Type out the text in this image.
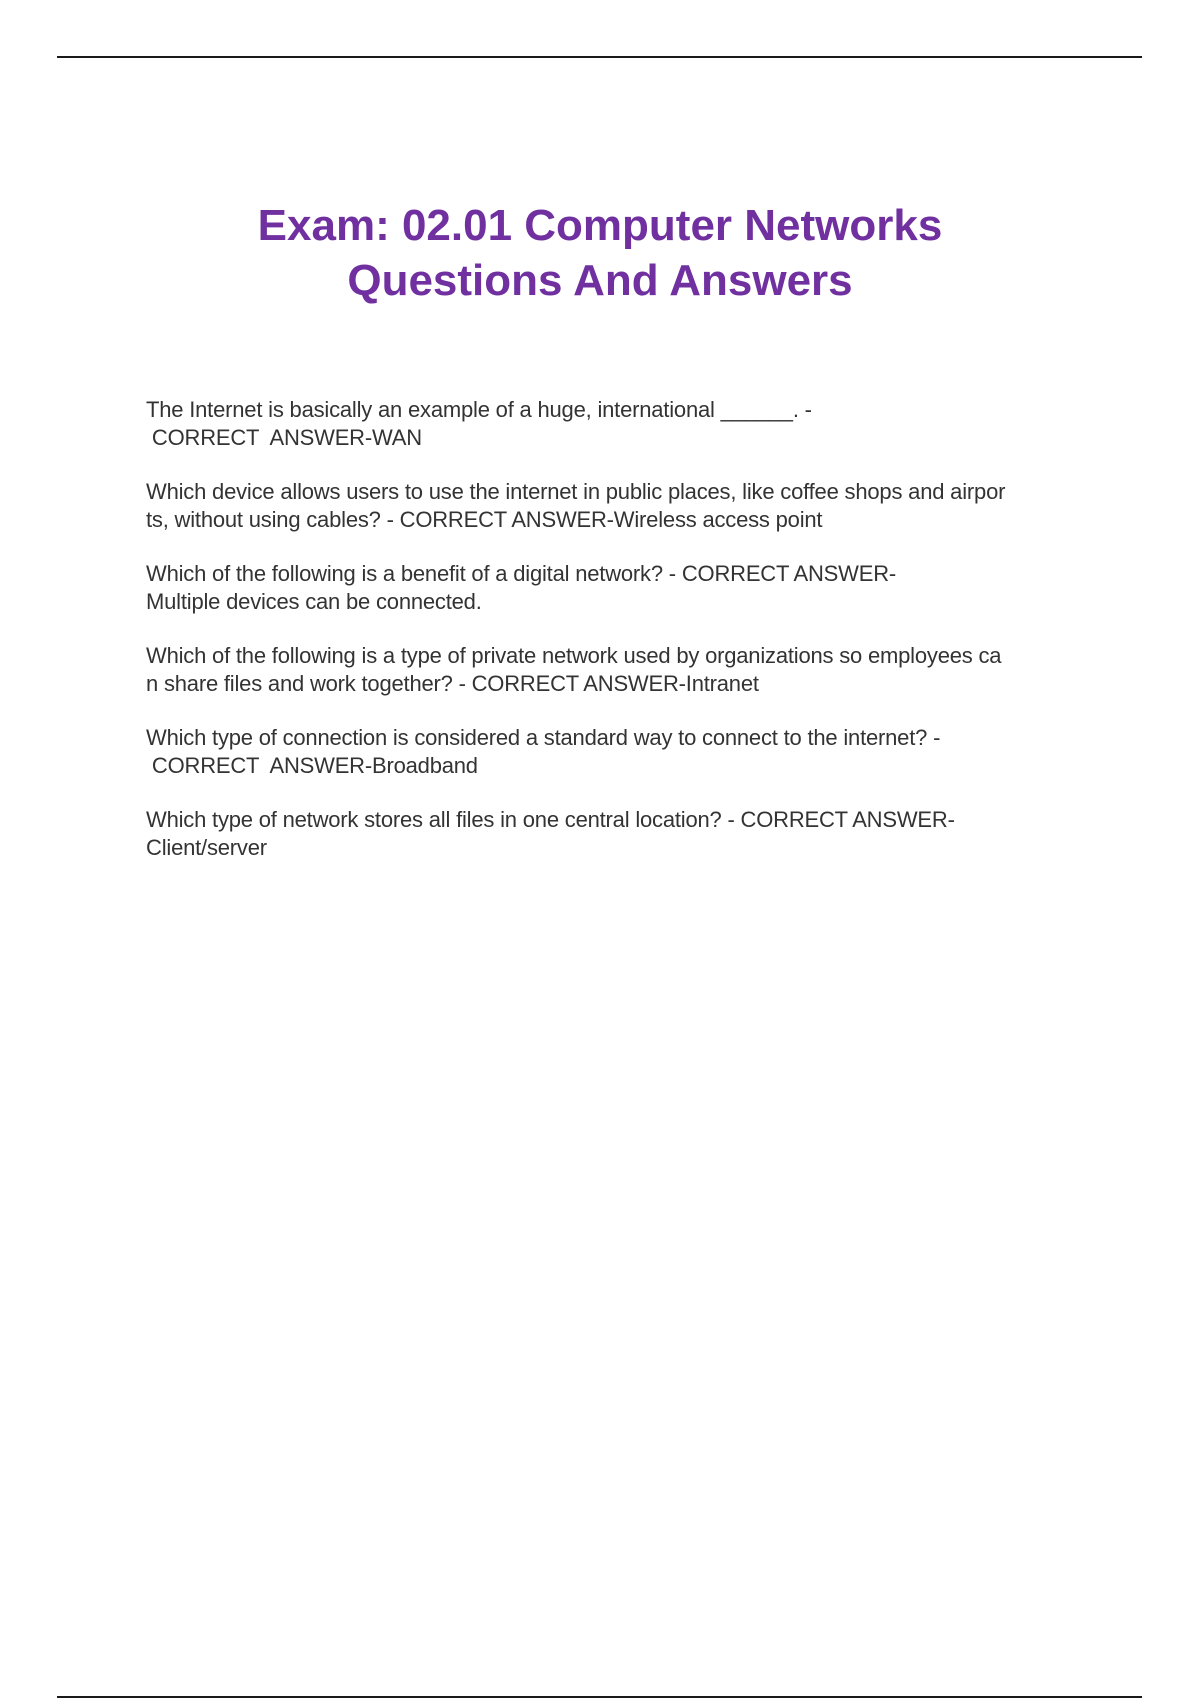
Exam: 02.01 Computer Networks
Questions And Answers
The Internet is basically an example of a huge, international ______. -
CORRECT  ANSWER-WAN
Which device allows users to use the internet in public places, like coffee shops and airpor
ts, without using cables? - CORRECT ANSWER-Wireless access point
Which of the following is a benefit of a digital network? - CORRECT ANSWER-
Multiple devices can be connected.
Which of the following is a type of private network used by organizations so employees ca
n share files and work together? - CORRECT ANSWER-Intranet
Which type of connection is considered a standard way to connect to the internet? -
CORRECT  ANSWER-Broadband
Which type of network stores all files in one central location? - CORRECT ANSWER-
Client/server
